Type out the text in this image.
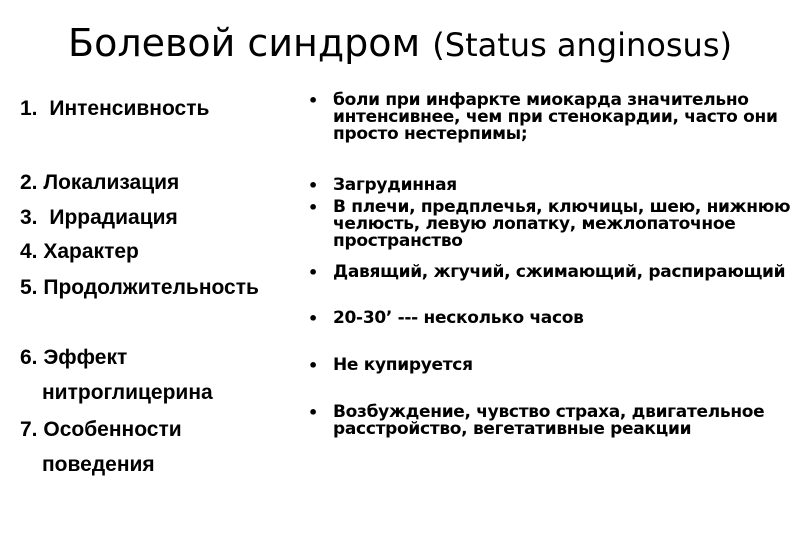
Болевой синдром (Status anginosus)
1. Интенсивность
2. Локализация
3. Иррадиация
4. Характер
5. Продолжительность
6. Эффект
нитроглицерина
7. Особенности
поведения
• боли при инфаркте миокарда значительно интенсивнее, чем при стенокардии, часто они просто нестерпимы;
• Загрудинная
• В плечи, предплечья, ключицы, шею, нижнюю челюсть, левую лопатку, межлопаточное пространство
• Давящий, жгучий, сжимающий, распирающий
• 20-30’ --- несколько часов
• Не купируется
• Возбуждение, чувство страха, двигательное расстройство, вегетативные реакции
